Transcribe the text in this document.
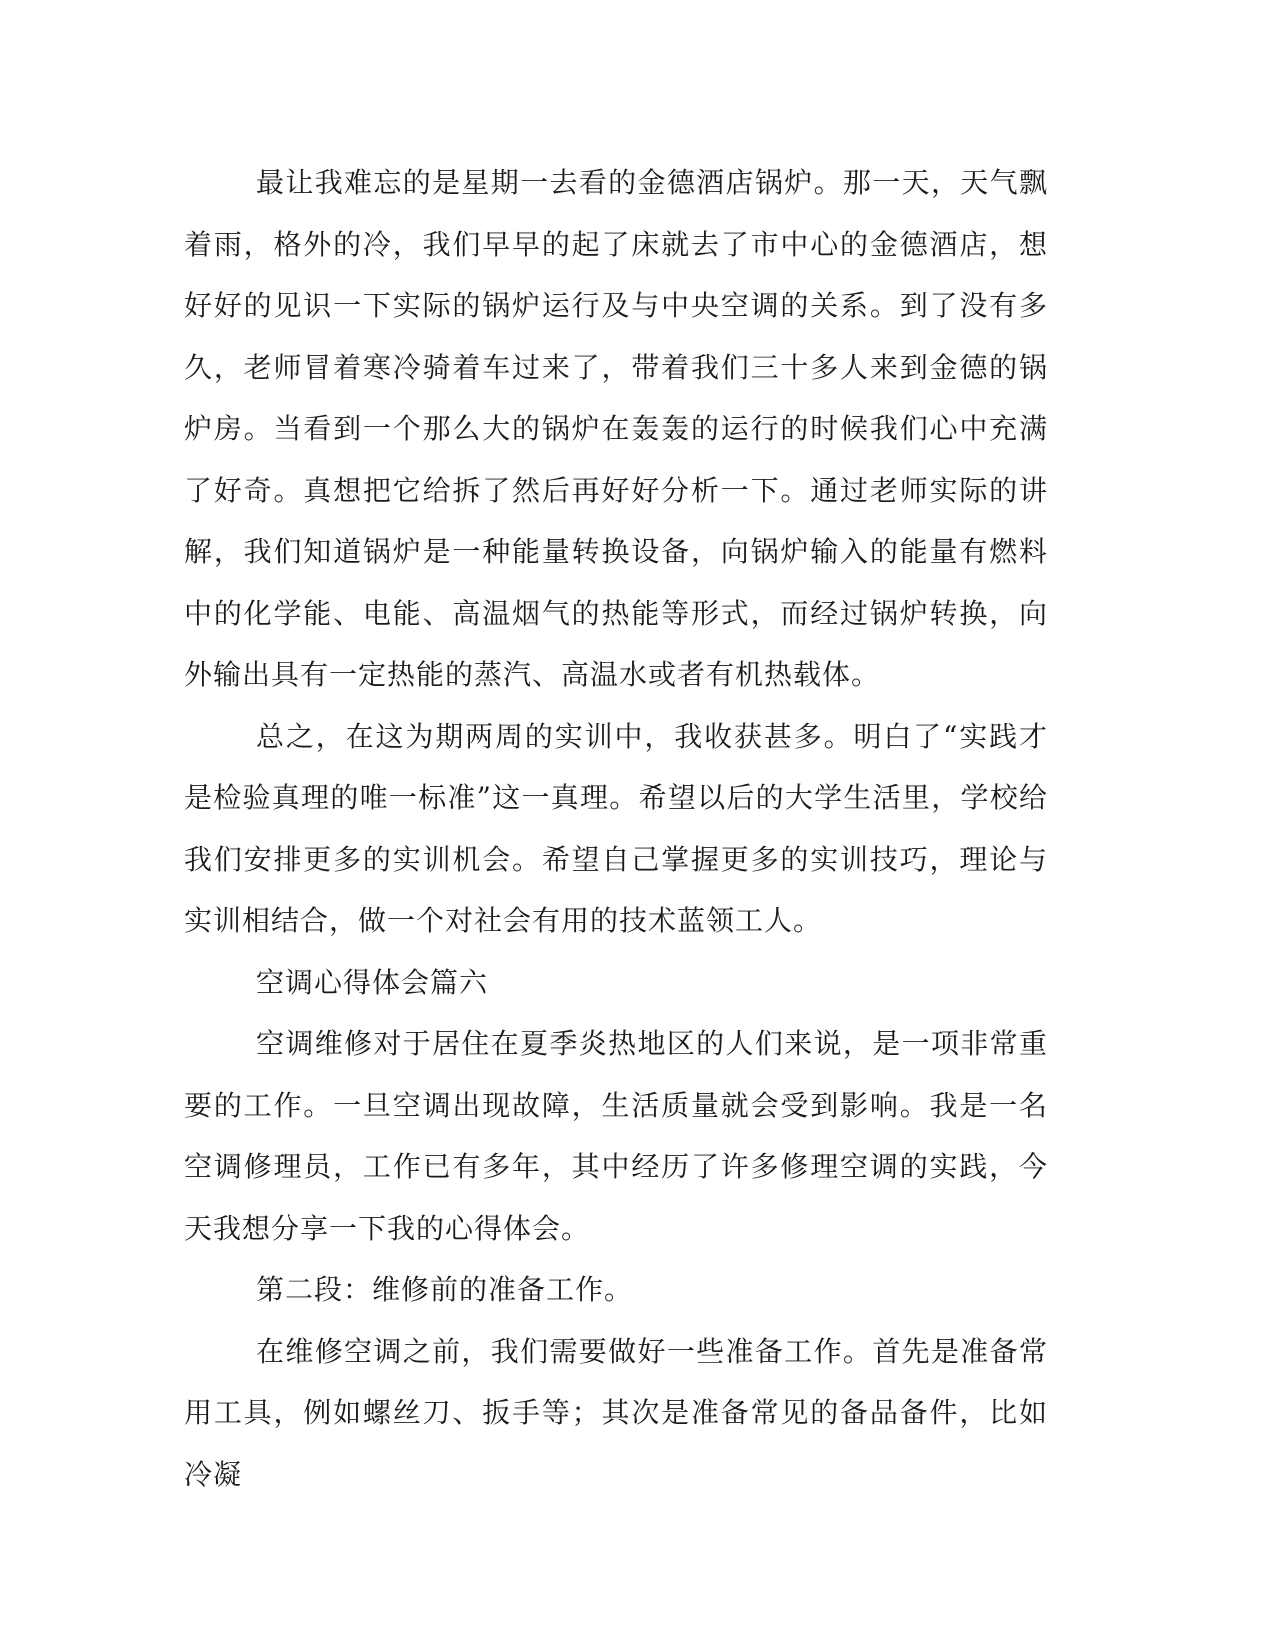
最让我难忘的是星期一去看的金德酒店锅炉。那一天，天气飘着雨，格外的冷，我们早早的起了床就去了市中心的金德酒店，想好好的见识一下实际的锅炉运行及与中央空调的关系。到了没有多久，老师冒着寒冷骑着车过来了，带着我们三十多人来到金德的锅炉房。当看到一个那么大的锅炉在轰轰的运行的时候我们心中充满了好奇。真想把它给拆了然后再好好分析一下。通过老师实际的讲解，我们知道锅炉是一种能量转换设备，向锅炉输入的能量有燃料中的化学能、电能、高温烟气的热能等形式，而经过锅炉转换，向外输出具有一定热能的蒸汽、高温水或者有机热载体。

总之，在这为期两周的实训中，我收获甚多。明白了“实践才是检验真理的唯一标准”这一真理。希望以后的大学生活里，学校给我们安排更多的实训机会。希望自己掌握更多的实训技巧，理论与实训相结合，做一个对社会有用的技术蓝领工人。

空调心得体会篇六

空调维修对于居住在夏季炎热地区的人们来说，是一项非常重要的工作。一旦空调出现故障，生活质量就会受到影响。我是一名空调修理员，工作已有多年，其中经历了许多修理空调的实践，今天我想分享一下我的心得体会。

第二段：维修前的准备工作。

在维修空调之前，我们需要做好一些准备工作。首先是准备常用工具，例如螺丝刀、扳手等；其次是准备常见的备品备件，比如冷凝
